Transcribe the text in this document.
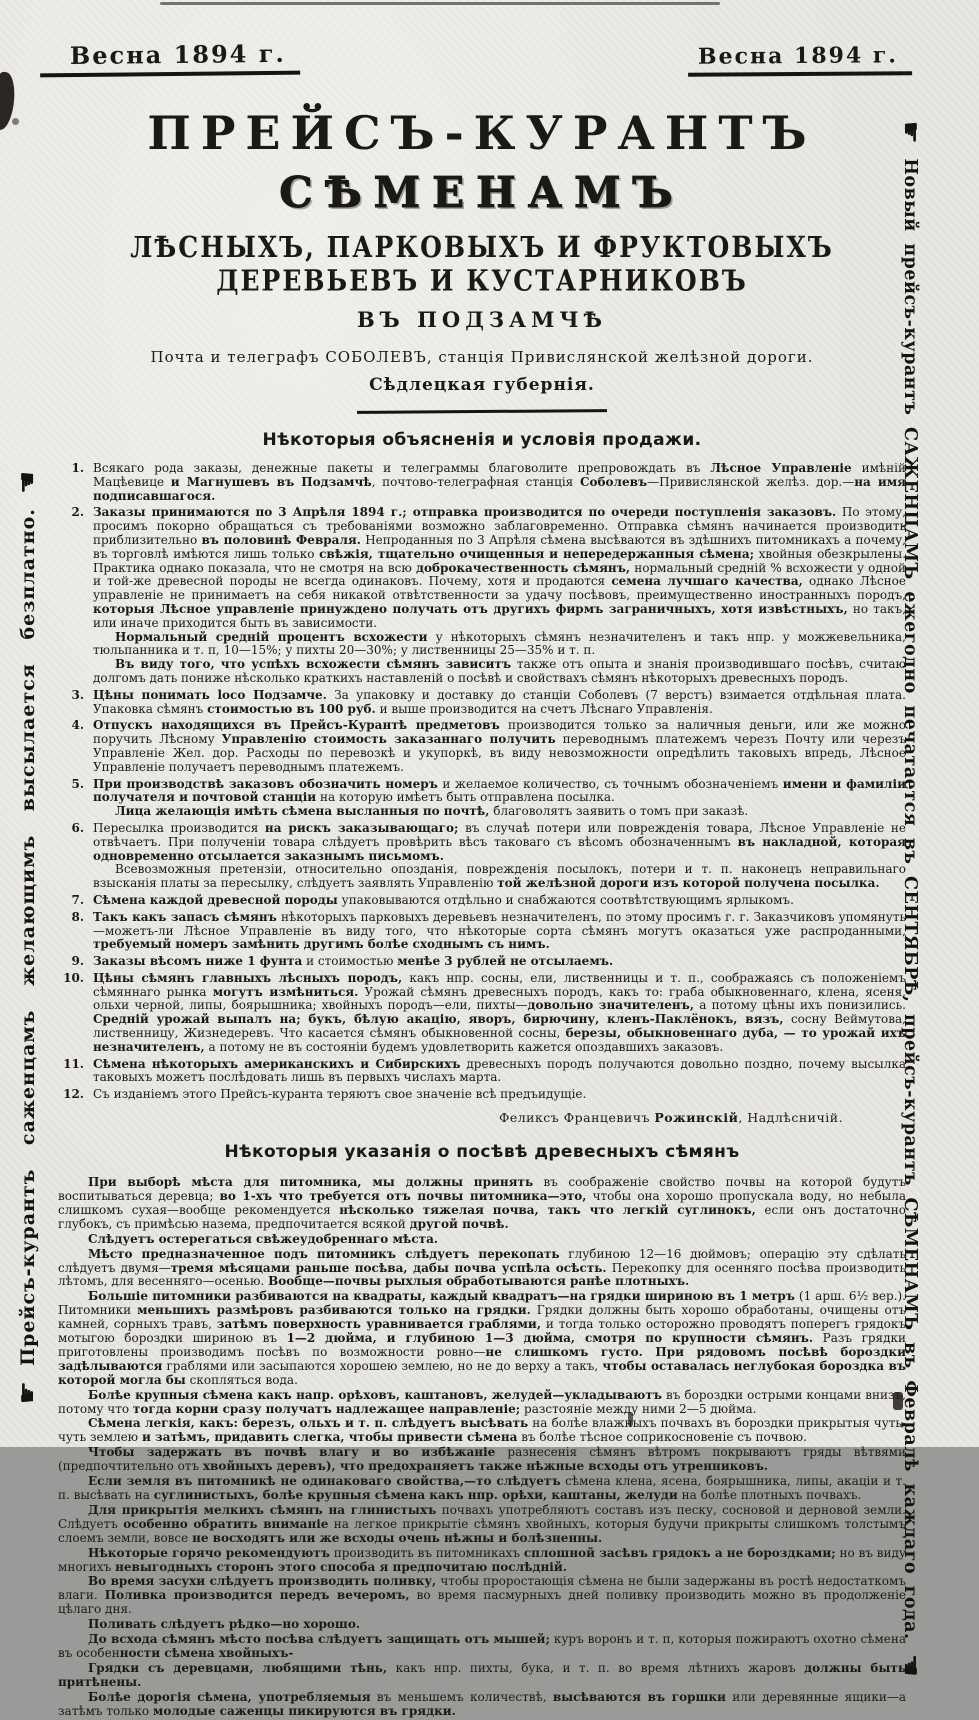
☛
Прейсъ-курантъ саженцамъ желающимъ высылается безплатно.
☚
☛
Новый прейсъ-курантъ САЖЕНЦАМЪ ежегодно печатается въ СЕНТЯБРѢ, прейсъ-курантъ СѢМЕНАМЪ въ Февралѣ каждаго года.
☚
Весна 1894 г.	Весна 1894 г.
ПРЕЙСЪ-КУРАНТЪ
СѢМЕНАМЪ
ЛѢСНЫХЪ, ПАРКОВЫХЪ И ФРУКТОВЫХЪ ДЕРЕВЬЕВЪ И КУСТАРНИКОВЪ
ВЪ ПОДЗАМЧѢ
Почта и телеграфъ СОБОЛЕВЪ, станція Привислянской желѣзной дороги.
Сѣдлецкая губернія.
Нѣкоторыя объясненія и условія продажи.
1. Всякаго рода заказы, денежные пакеты и телеграммы благоволите препровождать въ Лѣсное Управленіе имѣній Мацѣевице и Магнушевъ въ Подзамчѣ, почтово-телеграфная станція Соболевъ—Привислянской желѣз. дор.—на имя подписавшагося.

2. Заказы принимаются по 3 Апрѣля 1894 г.; отправка производится по очереди поступленія заказовъ. По этому, просимъ покорно обращаться съ требованіями возможно заблаговременно. Отправка сѣмянъ начинается производить приблизительно въ половинѣ Февраля. Непроданныя по 3 Апрѣля сѣмена высѣваются въ здѣшнихъ питомникахъ а почему, въ торговлѣ имѣются лишь только свѣжія, тщательно очищенныя и непередержанныя сѣмена; хвойныя обезкрылены. Практика однако показала, что не смотря на всю доброкачественность сѣмянъ, нормальный средній % всхожести у одной и той-же древесной породы не всегда одинаковъ. Почему, хотя и продаются семена лучшаго качества, однако Лѣсное управленіе не принимаетъ на себя никакой отвѣтственности за удачу посѣвовъ, преимущественно иностранныхъ породъ, которыя Лѣсное управленіе принуждено получать отъ другихъ фирмъ заграничныхъ, хотя извѣстныхъ, но такъ, или иначе приходится быть въ зависимости.

Нормальный средній процентъ всхожести у нѣкоторыхъ сѣмянъ незначителенъ и такъ нпр. у можжевельника, тюльпанника и т. п, 10—15%; у пихты 20—30%; у лиственницы 25—35% и т. п.

Въ виду того, что успѣхъ всхожести сѣмянъ зависитъ также отъ опыта и знанія производившаго посѣвъ, считаю долгомъ дать пониже нѣсколько краткихъ наставленій о посѣвѣ и свойствахъ сѣмянъ нѣкоторыхъ древесныхъ породъ.

3. Цѣны понимать loco Подзамче. За упаковку и доставку до станціи Соболевъ (7 верстъ) взимается отдѣльная плата. Упаковка сѣмянъ стоимостью въ 100 руб. и выше производится на счетъ Лѣснаго Управленія.

4. Отпускъ находящихся въ Прейсъ-Курантѣ предметовъ производится только за наличныя деньги, или же можно поручить Лѣсному Управленію стоимость заказаннаго получить переводнымъ платежемъ черезъ Почту или черезъ Управленіе Жел. дор. Расходы по перевозкѣ и укупоркѣ, въ виду невозможности опредѣлить таковыхъ впредь, Лѣсное Управленіе получаетъ переводнымъ платежемъ.

5. При производствѣ заказовъ обозначить номеръ и желаемое количество, съ точнымъ обозначеніемъ имени и фамиліи получателя и почтовой станціи на которую имѣетъ быть отправлена посылка.

Лица желающія имѣть сѣмена высланныя по почтѣ, благоволятъ заявить о томъ при заказѣ.

6. Пересылка производится на рискъ заказывающаго; въ случаѣ потери или поврежденія товара, Лѣсное Управленіе не отвѣчаетъ. При полученіи товара слѣдуетъ провѣрить вѣсъ таковаго съ вѣсомъ обозначеннымъ въ накладной, которая одновременно отсылается заказнымъ письмомъ.

Всевозможныя претензіи, относительно опозданія, поврежденія посылокъ, потери и т. п. наконецъ неправильнаго взысканія платы за пересылку, слѣдуетъ заявлять Управленію той желѣзной дороги изъ которой получена посылка.

7. Сѣмена каждой древесной породы упаковываются отдѣльно и снабжаются соотвѣтствующимъ ярлыкомъ.

8. Такъ какъ запасъ сѣмянъ нѣкоторыхъ парковыхъ деревьевъ незначителенъ, по этому просимъ г. г. Заказчиковъ упомянуть—можетъ-ли Лѣсное Управленіе въ виду того, что нѣкоторые сорта сѣмянъ могутъ оказаться уже распроданными, требуемый номеръ замѣнить другимъ болѣе сходнымъ съ нимъ.

9. Заказы вѣсомъ ниже 1 фунта и стоимостью менѣе 3 рублей не отсылаемъ.

10. Цѣны сѣмянъ главныхъ лѣсныхъ породъ, какъ нпр. сосны, ели, лиственницы и т. п., соображаясь съ положеніемъ сѣмяннаго рынка могутъ измѣниться. Урожай сѣмянъ древесныхъ породъ, какъ то: граба обыкновеннаго, клена, ясеня, ольхи черной, липы, боярышника; хвойныхъ породъ—ели, пихты—довольно значителенъ, а потому цѣны ихъ понизились. Средній урожай выпалъ на; букъ, бѣлую акацію, яворъ, бирючину, кленъ-Паклёнокъ, вязъ, сосну Веймутова, лиственницу, Жизнедеревъ. Что касается сѣмянъ обыкновенной сосны, березы, обыкновеннаго дуба, — то урожай ихъ незначителенъ, а потому не въ состояніи будемъ удовлетворить кажется опоздавшихъ заказовъ.

11. Сѣмена нѣкоторыхъ американскихъ и Сибирскихъ древесныхъ породъ получаются довольно поздно, почему высылка таковыхъ можетъ послѣдовать лишь въ первыхъ числахъ марта.

12. Съ изданіемъ этого Прейсъ-куранта теряютъ свое значеніе всѣ предъидущіе.

Феликсъ Францевичъ Рожинскій, Надлѣсничій.
Нѣкоторыя указанія о посѣвѣ древесныхъ сѣмянъ

При выборѣ мѣста для питомника, мы должны принять въ соображеніе свойство почвы на которой будутъ воспитываться деревца; во 1-хъ что требуется отъ почвы питомника—это, чтобы она хорошо пропускала воду, но небыла слишкомъ сухая—вообще рекомендуется нѣсколько тяжелая почва, такъ что легкій суглинокъ, если онъ достаточно глубокъ, съ примѣсью назема, предпочитается всякой другой почвѣ.

Слѣдуетъ остерегаться свѣжеудобреннаго мѣста.

Мѣсто предназначенное подъ питомникъ слѣдуетъ перекопать глубиною 12—16 дюймовъ; операцію эту сдѣлать слѣдуетъ двумя—тремя мѣсяцами раньше посѣва, дабы почва успѣла осѣсть. Перекопку для осенняго посѣва производить лѣтомъ, для весенняго—осенью. Вообще—почвы рыхлыя обработываются ранѣе плотныхъ.

Большіе питомники разбиваются на квадраты, каждый квадратъ—на грядки шириною въ 1 метръ (1 арш. 6½ вер.). Питомники меньшихъ размѣровъ разбиваются только на грядки. Грядки должны быть хорошо обработаны, очищены отъ камней, сорныхъ травъ, затѣмъ поверхность уравнивается граблями, и тогда только осторожно проводятъ поперегъ грядокъ мотыгою бороздки шириною въ 1—2 дюйма, и глубиною 1—3 дюйма, смотря по крупности сѣмянъ. Разъ грядки приготовлены производимъ посѣвъ по возможности ровно—не слишкомъ густо. При рядовомъ посѣвѣ бороздки задѣлываются граблями или засыпаются хорошею землею, но не до верху а такъ, чтобы оставалась неглубокая бороздка въ которой могла бы скопляться вода.

Болѣе крупныя сѣмена какъ напр. орѣховъ, каштановъ, желудей—укладываютъ въ бороздки острыми концами внизъ, потому что тогда корни сразу получатъ надлежащее направленіе; разстояніе между ними 2—5 дюйма.

Сѣмена легкія, какъ: березъ, ольхъ и т. п. слѣдуетъ высѣвать на болѣе влажныхъ почвахъ въ бороздки прикрытыя чуть-чуть землею и затѣмъ, придавить слегка, чтобы привести сѣмена въ болѣе тѣсное соприкосновеніе съ почвою.

Чтобы задержать въ почвѣ влагу и во избѣжаніе разнесенія сѣмянъ вѣтромъ покрываютъ гряды вѣтвями (предпочтительно отъ хвойныхъ деревъ), что предохраняетъ также нѣжные всходы отъ утренниковъ.

Если земля въ питомникѣ не одинаковаго свойства,—то слѣдуетъ сѣмена клена, ясена, боярышника, липы, акаціи и т. п. высѣвать на суглинистыхъ, болѣе крупныя сѣмена какъ нпр. орѣхи, каштаны, желуди на болѣе плотныхъ почвахъ.

Для прикрытія мелкихъ сѣмянъ на глинистыхъ почвахъ употребляютъ составъ изъ песку, сосновой и дерновой земли. Слѣдуетъ особенно обратить вниманіе на легкое прикрытіе сѣмянъ хвойныхъ, которыя будучи прикрыты слишкомъ толстымъ слоемъ земли, вовсе не восходятъ или же всходы очень нѣжны и болѣзненны.

Нѣкоторые горячо рекомендуютъ производить въ питомникахъ сплошной засѣвъ грядокъ а не бороздками; но въ виду многихъ невыгодныхъ сторонъ этого способа я предпочитаю послѣдній.

Во время засухи слѣдуетъ производить поливку, чтобы проростающія сѣмена не были задержаны въ ростѣ недостаткомъ влаги. Поливка производится передъ вечеромъ, во время пасмурныхъ дней поливку производить можно въ продолженіе цѣлаго дня.

Поливать слѣдуетъ рѣдко—но хорошо.

До всхода сѣмянъ мѣсто посѣва слѣдуетъ защищать отъ мышей; куръ воронъ и т. п, которыя пожираютъ охотно сѣмена въ особенности сѣмена хвойныхъ-

Грядки съ деревцами, любящими тѣнь, какъ нпр. пихты, бука, и т. п. во время лѣтнихъ жаровъ должны быть притѣнены.

Болѣе дорогія сѣмена, употребляемыя въ меньшемъ количествѣ, высѣваются въ горшки или деревянные ящики—а затѣмъ только молодые саженцы пикируются въ грядки.
